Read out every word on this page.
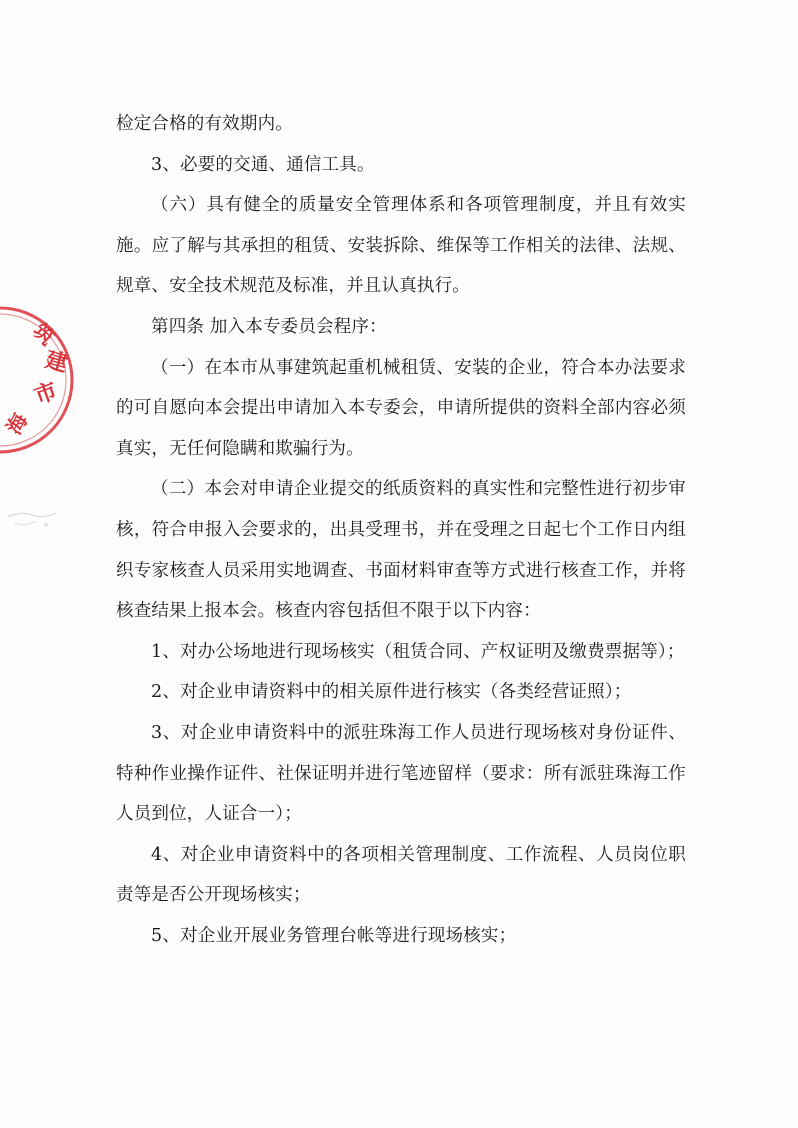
海
市
建
筑

检定合格的有效期内。

3、必要的交通、通信工具。

（六）具有健全的质量安全管理体系和各项管理制度，并且有效实施。应了解与其承担的租赁、安装拆除、维保等工作相关的法律、法规、规章、安全技术规范及标准，并且认真执行。

第四条 加入本专委员会程序：

（一）在本市从事建筑起重机械租赁、安装的企业，符合本办法要求的可自愿向本会提出申请加入本专委会，申请所提供的资料全部内容必须真实，无任何隐瞒和欺骗行为。

（二）本会对申请企业提交的纸质资料的真实性和完整性进行初步审核，符合申报入会要求的，出具受理书，并在受理之日起七个工作日内组织专家核查人员采用实地调查、书面材料审查等方式进行核查工作，并将核查结果上报本会。核查内容包括但不限于以下内容：

1、对办公场地进行现场核实（租赁合同、产权证明及缴费票据等）；

2、对企业申请资料中的相关原件进行核实（各类经营证照）；

3、对企业申请资料中的派驻珠海工作人员进行现场核对身份证件、特种作业操作证件、社保证明并进行笔迹留样（要求：所有派驻珠海工作人员到位，人证合一）；

4、对企业申请资料中的各项相关管理制度、工作流程、人员岗位职责等是否公开现场核实；

5、对企业开展业务管理台帐等进行现场核实；
